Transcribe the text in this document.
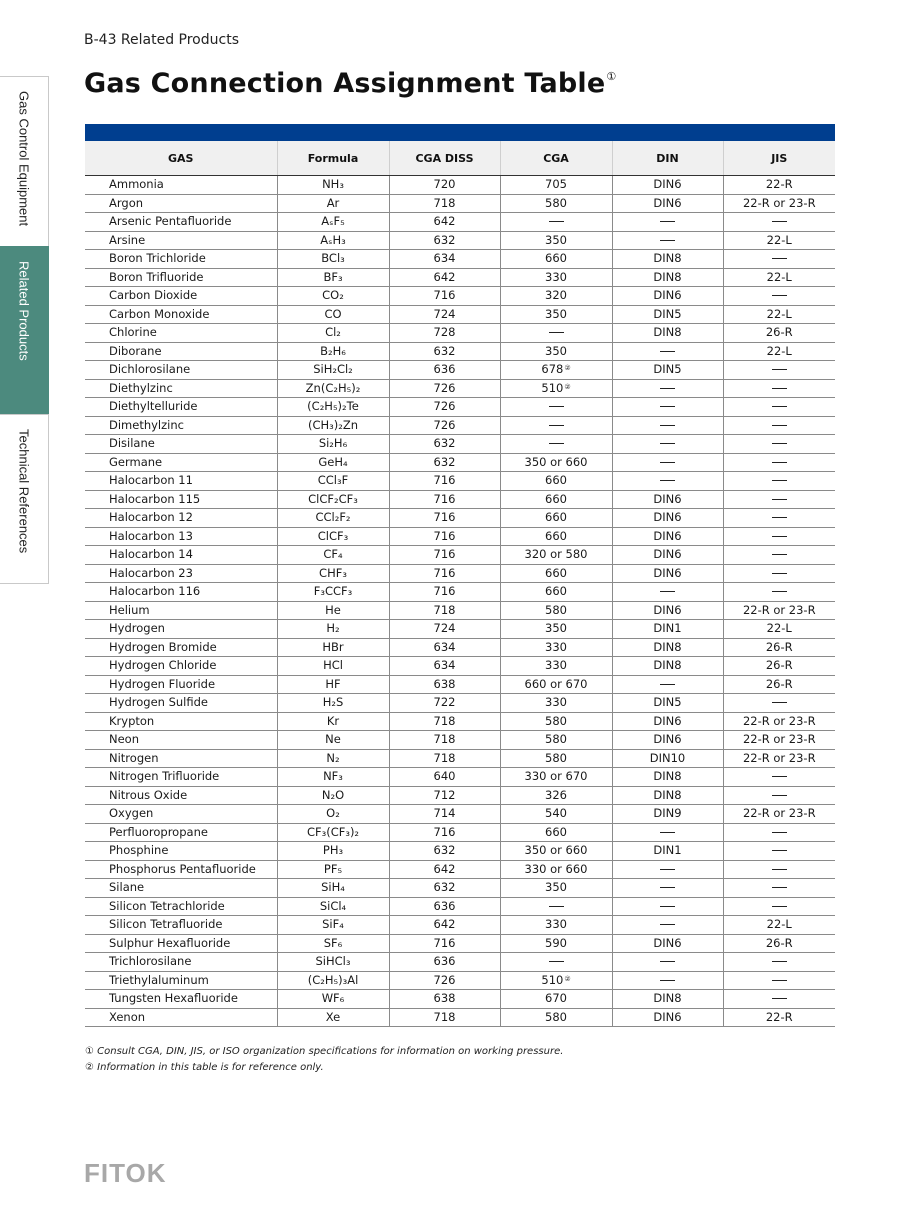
B-43 Related Products
Gas Connection Assignment Table①
Gas Control Equipment
Related Products
Technical References
GAS	Formula	CGA DISS	CGA	DIN	JIS
Ammonia	NH₃	720	705	DIN6	22-R
Argon	Ar	718	580	DIN6	22-R or 23-R
Arsenic Pentafluoride	AₛF₅	642			
Arsine	AₛH₃	632	350		22-L
Boron Trichloride	BCl₃	634	660	DIN8	
Boron Trifluoride	BF₃	642	330	DIN8	22-L
Carbon Dioxide	CO₂	716	320	DIN6	
Carbon Monoxide	CO	724	350	DIN5	22-L
Chlorine	Cl₂	728		DIN8	26-R
Diborane	B₂H₆	632	350		22-L
Dichlorosilane	SiH₂Cl₂	636	678②	DIN5	
Diethylzinc	Zn(C₂H₅)₂	726	510②		
Diethyltelluride	(C₂H₅)₂Te	726			
Dimethylzinc	(CH₃)₂Zn	726			
Disilane	Si₂H₆	632			
Germane	GeH₄	632	350 or 660		
Halocarbon 11	CCl₃F	716	660		
Halocarbon 115	ClCF₂CF₃	716	660	DIN6	
Halocarbon 12	CCl₂F₂	716	660	DIN6	
Halocarbon 13	ClCF₃	716	660	DIN6	
Halocarbon 14	CF₄	716	320 or 580	DIN6	
Halocarbon 23	CHF₃	716	660	DIN6	
Halocarbon 116	F₃CCF₃	716	660		
Helium	He	718	580	DIN6	22-R or 23-R
Hydrogen	H₂	724	350	DIN1	22-L
Hydrogen Bromide	HBr	634	330	DIN8	26-R
Hydrogen Chloride	HCl	634	330	DIN8	26-R
Hydrogen Fluoride	HF	638	660 or 670		26-R
Hydrogen Sulfide	H₂S	722	330	DIN5	
Krypton	Kr	718	580	DIN6	22-R or 23-R
Neon	Ne	718	580	DIN6	22-R or 23-R
Nitrogen	N₂	718	580	DIN10	22-R or 23-R
Nitrogen Trifluoride	NF₃	640	330 or 670	DIN8	
Nitrous Oxide	N₂O	712	326	DIN8	
Oxygen	O₂	714	540	DIN9	22-R or 23-R
Perfluoropropane	CF₃(CF₃)₂	716	660		
Phosphine	PH₃	632	350 or 660	DIN1	
Phosphorus Pentafluoride	PF₅	642	330 or 660		
Silane	SiH₄	632	350		
Silicon Tetrachloride	SiCl₄	636			
Silicon Tetrafluoride	SiF₄	642	330		22-L
Sulphur Hexafluoride	SF₆	716	590	DIN6	26-R
Trichlorosilane	SiHCl₃	636			
Triethylaluminum	(C₂H₅)₃Al	726	510②		
Tungsten Hexafluoride	WF₆	638	670	DIN8	
Xenon	Xe	718	580	DIN6	22-R
① Consult CGA, DIN, JIS, or ISO organization specifications for information on working pressure.
② Information in this table is for reference only.
FITOK
